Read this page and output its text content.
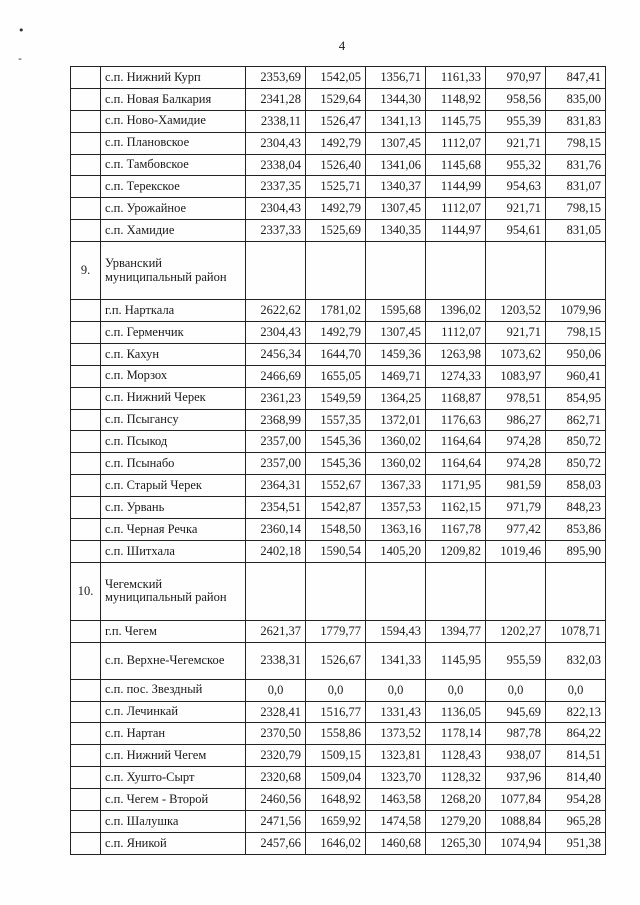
4
•
‐
	с.п. Нижний Курп	2353,69	1542,05	1356,71	1161,33	970,97	847,41
	с.п. Новая Балкария	2341,28	1529,64	1344,30	1148,92	958,56	835,00
	с.п. Ново-Хамидие	2338,11	1526,47	1341,13	1145,75	955,39	831,83
	с.п. Плановское	2304,43	1492,79	1307,45	1112,07	921,71	798,15
	с.п. Тамбовское	2338,04	1526,40	1341,06	1145,68	955,32	831,76
	с.п. Терекское	2337,35	1525,71	1340,37	1144,99	954,63	831,07
	с.п. Урожайное	2304,43	1492,79	1307,45	1112,07	921,71	798,15
	с.п. Хамидие	2337,33	1525,69	1340,35	1144,97	954,61	831,05
9.	Урванский муниципальный район						
	г.п. Нарткала	2622,62	1781,02	1595,68	1396,02	1203,52	1079,96
	с.п. Герменчик	2304,43	1492,79	1307,45	1112,07	921,71	798,15
	с.п. Кахун	2456,34	1644,70	1459,36	1263,98	1073,62	950,06
	с.п. Морзох	2466,69	1655,05	1469,71	1274,33	1083,97	960,41
	с.п. Нижний Черек	2361,23	1549,59	1364,25	1168,87	978,51	854,95
	с.п. Псыгансу	2368,99	1557,35	1372,01	1176,63	986,27	862,71
	с.п. Псыкод	2357,00	1545,36	1360,02	1164,64	974,28	850,72
	с.п. Псынабо	2357,00	1545,36	1360,02	1164,64	974,28	850,72
	с.п. Старый Черек	2364,31	1552,67	1367,33	1171,95	981,59	858,03
	с.п. Урвань	2354,51	1542,87	1357,53	1162,15	971,79	848,23
	с.п. Черная Речка	2360,14	1548,50	1363,16	1167,78	977,42	853,86
	с.п. Шитхала	2402,18	1590,54	1405,20	1209,82	1019,46	895,90
10.	Чегемский муниципальный район						
	г.п. Чегем	2621,37	1779,77	1594,43	1394,77	1202,27	1078,71
	с.п. Верхне-Чегемское	2338,31	1526,67	1341,33	1145,95	955,59	832,03
	с.п. пос. Звездный	0,0	0,0	0,0	0,0	0,0	0,0
	с.п. Лечинкай	2328,41	1516,77	1331,43	1136,05	945,69	822,13
	с.п. Нартан	2370,50	1558,86	1373,52	1178,14	987,78	864,22
	с.п. Нижний Чегем	2320,79	1509,15	1323,81	1128,43	938,07	814,51
	с.п. Хушто-Сырт	2320,68	1509,04	1323,70	1128,32	937,96	814,40
	с.п. Чегем - Второй	2460,56	1648,92	1463,58	1268,20	1077,84	954,28
	с.п. Шалушка	2471,56	1659,92	1474,58	1279,20	1088,84	965,28
	с.п. Яникой	2457,66	1646,02	1460,68	1265,30	1074,94	951,38
